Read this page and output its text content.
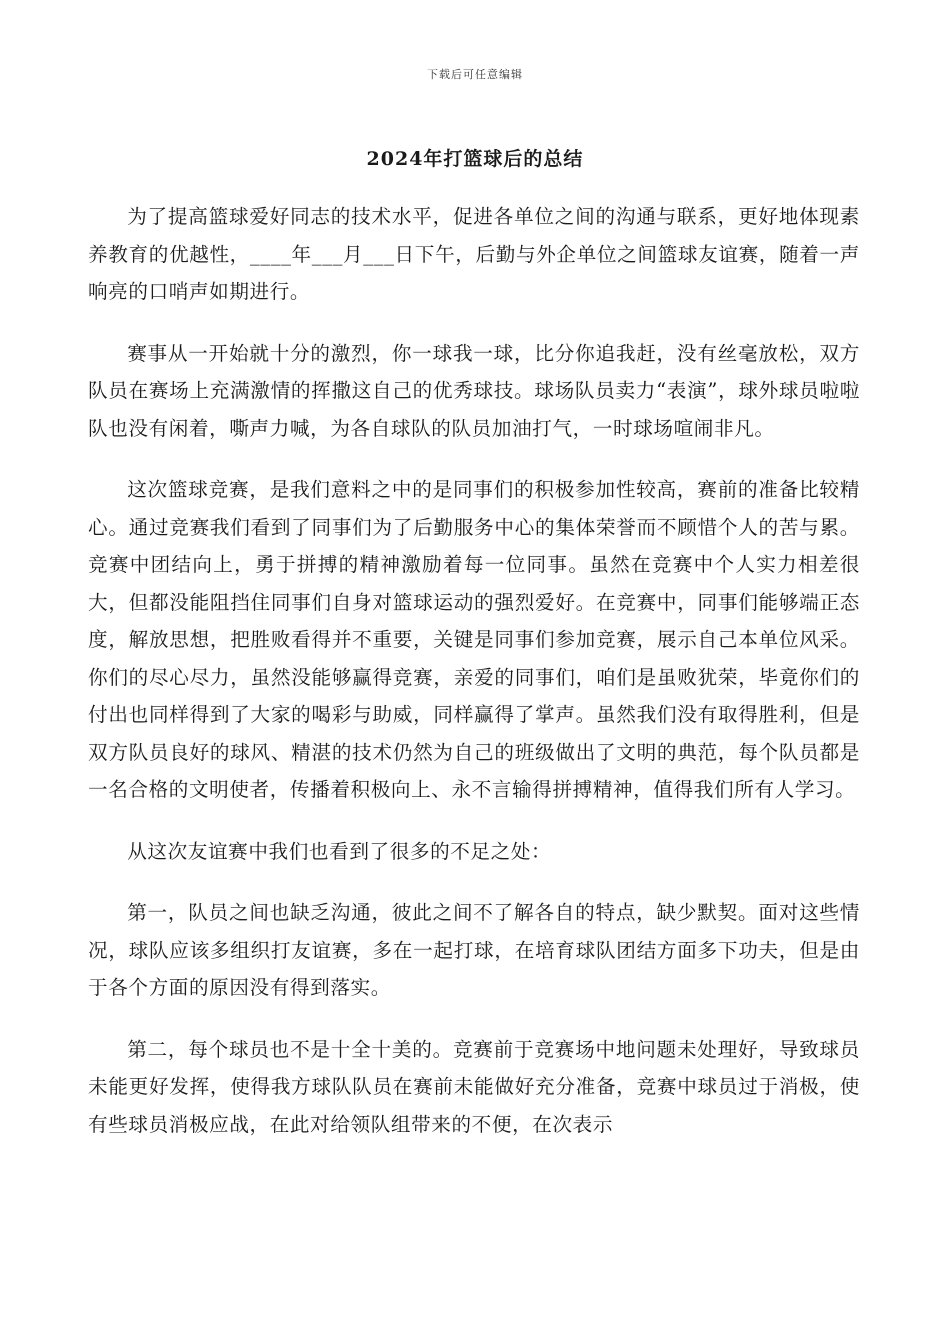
下载后可任意编辑
2024年打篮球后的总结

为了提高篮球爱好同志的技术水平，促进各单位之间的沟通与联系，更好地体现素养教育的优越性，____年___月___日下午，后勤与外企单位之间篮球友谊赛，随着一声响亮的口哨声如期进行。

赛事从一开始就十分的激烈，你一球我一球，比分你追我赶，没有丝毫放松，双方队员在赛场上充满激情的挥撒这自己的优秀球技。球场队员卖力“表演”，球外球员啦啦队也没有闲着，嘶声力喊，为各自球队的队员加油打气，一时球场喧闹非凡。

这次篮球竞赛，是我们意料之中的是同事们的积极参加性较高，赛前的准备比较精心。通过竞赛我们看到了同事们为了后勤服务中心的集体荣誉而不顾惜个人的苦与累。竞赛中团结向上，勇于拼搏的精神激励着每一位同事。虽然在竞赛中个人实力相差很大，但都没能阻挡住同事们自身对篮球运动的强烈爱好。在竞赛中，同事们能够端正态度，解放思想，把胜败看得并不重要，关键是同事们参加竞赛，展示自己本单位风采。你们的尽心尽力，虽然没能够赢得竞赛，亲爱的同事们，咱们是虽败犹荣，毕竟你们的付出也同样得到了大家的喝彩与助威，同样赢得了掌声。虽然我们没有取得胜利，但是双方队员良好的球风、精湛的技术仍然为自己的班级做出了文明的典范，每个队员都是一名合格的文明使者，传播着积极向上、永不言输得拼搏精神，值得我们所有人学习。

从这次友谊赛中我们也看到了很多的不足之处：

第一，队员之间也缺乏沟通，彼此之间不了解各自的特点，缺少默契。面对这些情况，球队应该多组织打友谊赛，多在一起打球，在培育球队团结方面多下功夫，但是由于各个方面的原因没有得到落实。

第二，每个球员也不是十全十美的。竞赛前于竞赛场中地问题未处理好，导致球员未能更好发挥，使得我方球队队员在赛前未能做好充分准备，竞赛中球员过于消极，使有些球员消极应战，在此对给领队组带来的不便，在次表示
